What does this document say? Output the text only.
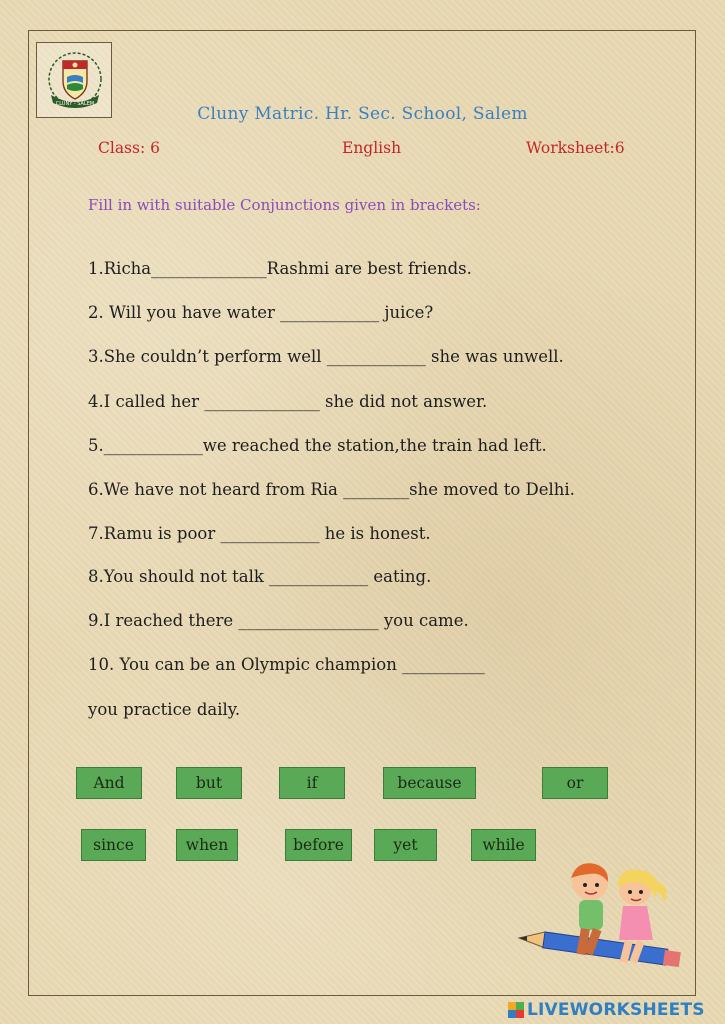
CLUNY - SALEM	Cluny Matric. Hr. Sec. School, Salem
Class: 6	English	Worksheet:6
Fill in with suitable Conjunctions given in brackets:
1.Richa______________Rashmi are best friends.
2. Will you have water ____________ juice?
3.She couldn’t perform well ____________ she was unwell.
4.I called her ______________ she did not answer.
5.____________we reached the station,the train had left.
6.We have not heard from Ria ________she moved to Delhi.
7.Ramu is poor ____________ he is honest.
8.You should not talk ____________ eating.
9.I reached there _________________ you came.
10. You can be an Olympic champion __________
you practice daily.
And	but	if	because	or
since	when	before	yet	while
LIVEWORKSHEETS
